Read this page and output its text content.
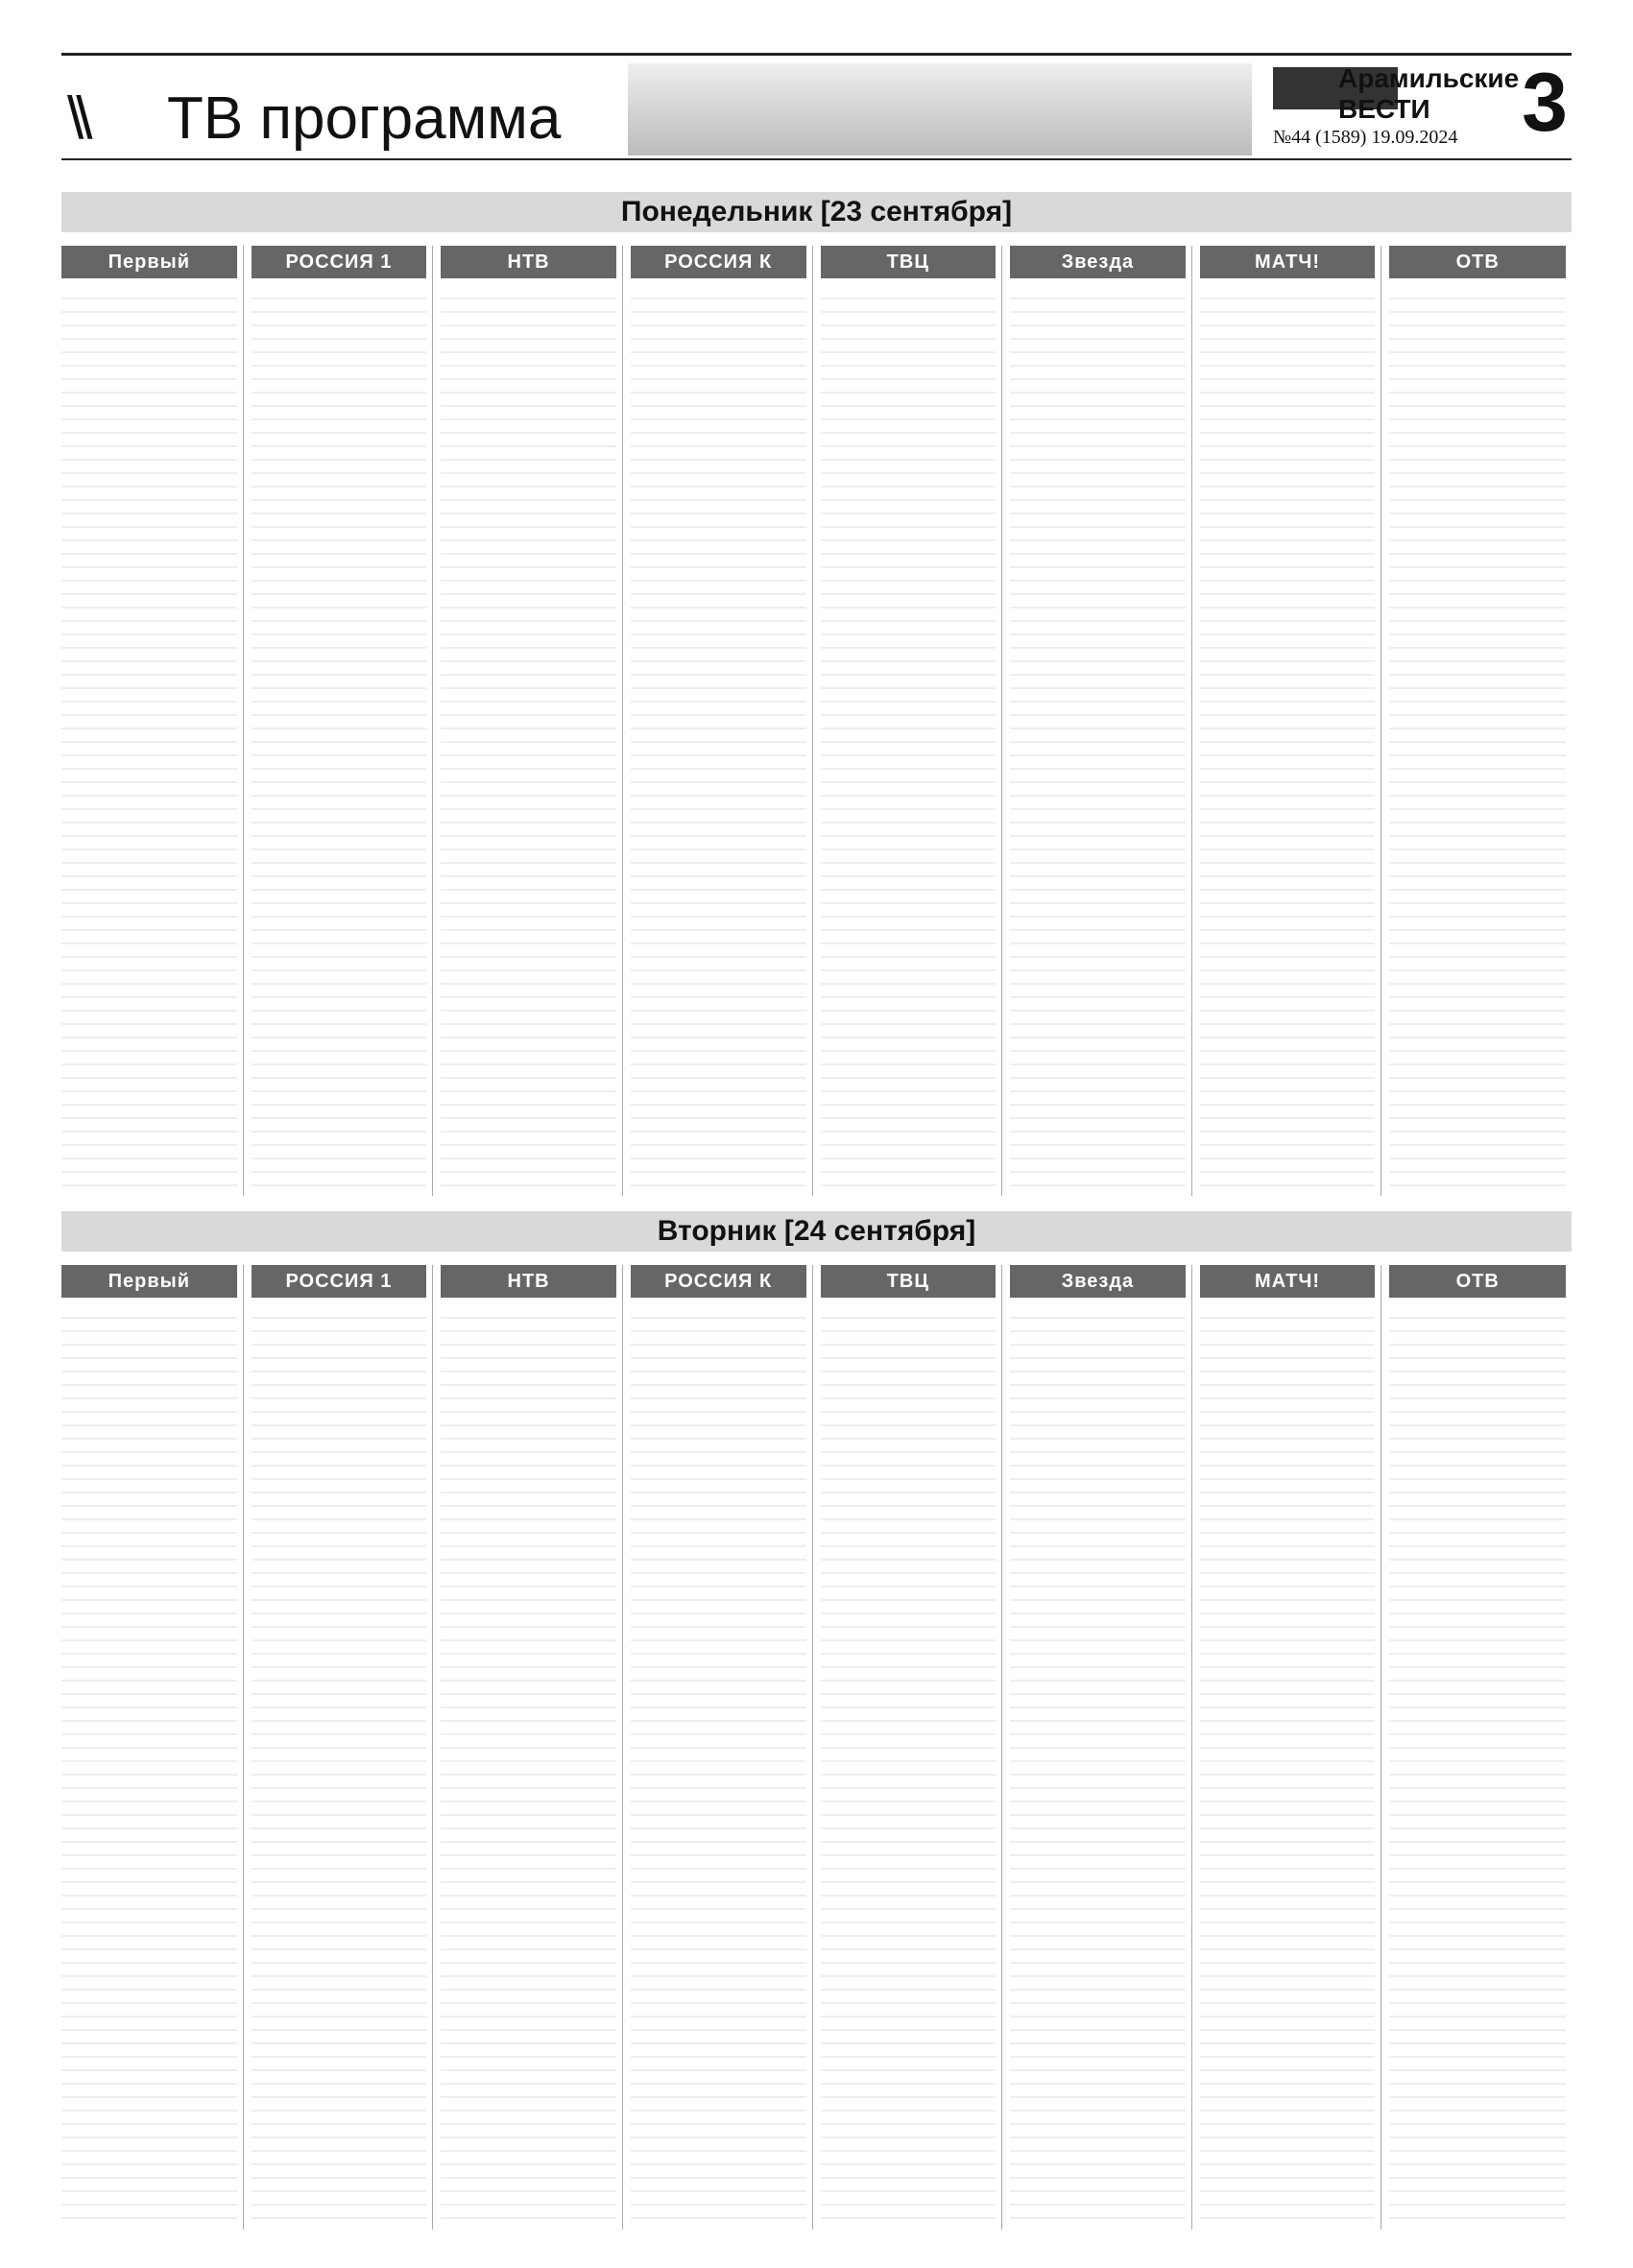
\\ ТВ программа
Арамильские ВЕСТИ
№44 (1589) 19.09.2024 3
Понедельник [23 сентября]
Первый	РОССИЯ 1	НТВ	РОССИЯ К	ТВЦ	Звезда	МАТЧ!	ОТВ
Вторник [24 сентября]
Первый	РОССИЯ 1	НТВ	РОССИЯ К	ТВЦ	Звезда	МАТЧ!	ОТВ
